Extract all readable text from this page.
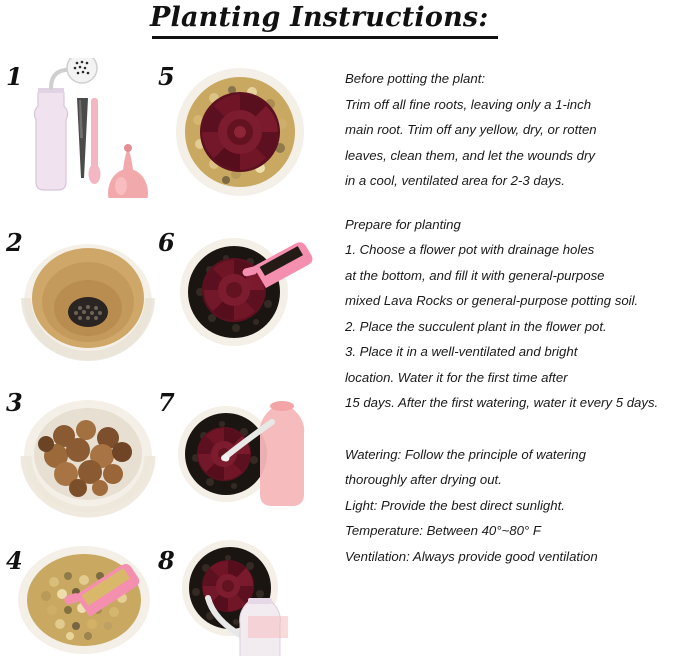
Planting Instructions:
1
2
3
4
5
6
7
8

Before potting the plant:

Trim off all fine roots, leaving only a 1-inch

main root. Trim off any yellow, dry, or rotten

leaves, clean them, and let the wounds dry

in a cool, ventilated area for 2-3 days.

Prepare for planting

1. Choose a flower pot with drainage holes

at the bottom, and fill it with general-purpose

mixed Lava Rocks or general-purpose potting soil.

2. Place the succulent plant in the flower pot.

3. Place it in a well-ventilated and bright

location. Water it for the first time after

15 days. After the first watering, water it every 5 days.

Watering: Follow the principle of watering

thoroughly after drying out.

Light: Provide the best direct sunlight.

Temperature: Between 40°~80° F

Ventilation: Always provide good ventilation
